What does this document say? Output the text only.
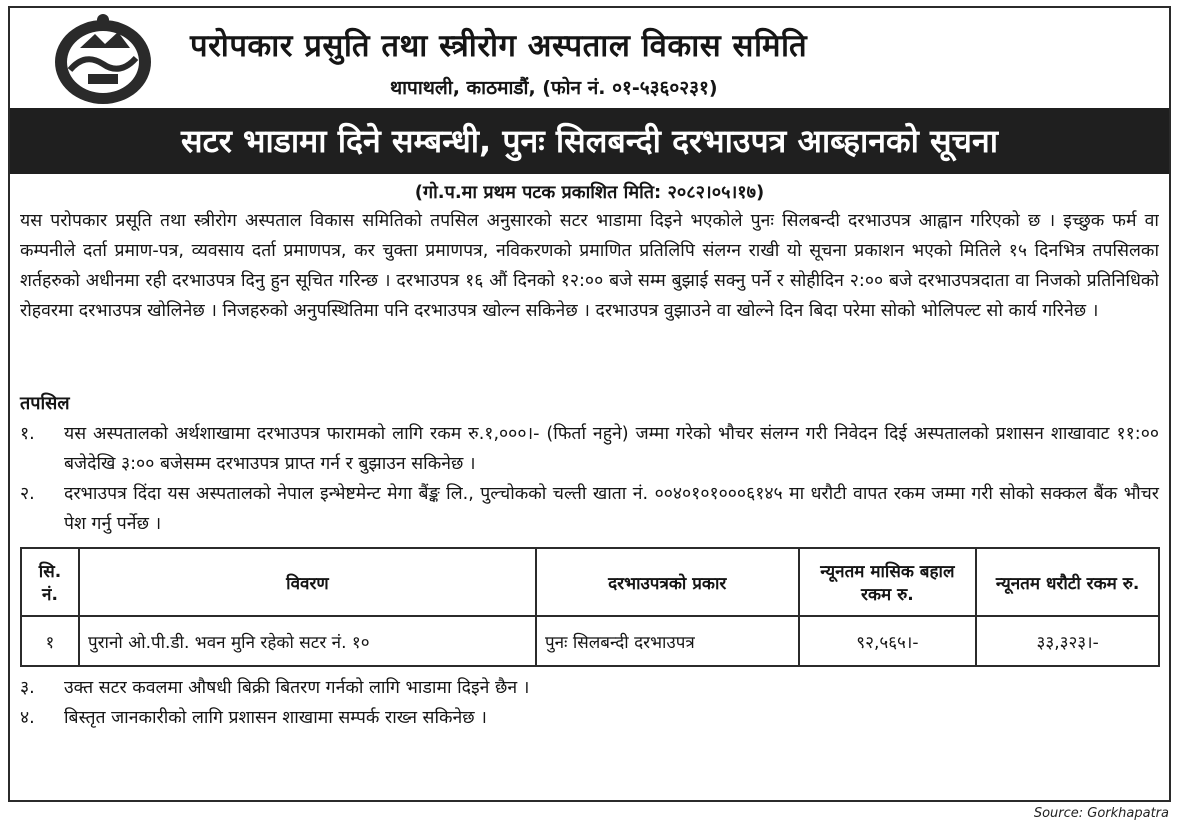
परोपकार प्रसुति तथा स्त्रीरोग अस्पताल विकास समिति
थापाथली, काठमाडौं, (फोन नं. ०१-५३६०२३१)
सटर भाडामा दिने सम्बन्धी, पुनः सिलबन्दी दरभाउपत्र आब्हानको सूचना
(गो.प.मा प्रथम पटक प्रकाशित मिति: २०८२।०५।१७)

यस परोपकार प्रसूति तथा स्त्रीरोग अस्पताल विकास समितिको तपसिल अनुसारको सटर भाडामा दिइने भएकोले पुनः सिलबन्दी दरभाउपत्र आह्वान गरिएको छ । इच्छुक फर्म वा कम्पनीले दर्ता प्रमाण-पत्र, व्यवसाय दर्ता प्रमाणपत्र, कर चुक्ता प्रमाणपत्र, नविकरणको प्रमाणित प्रतिलिपि संलग्न राखी यो सूचना प्रकाशन भएको मितिले १५ दिनभित्र तपसिलका शर्तहरुको अधीनमा रही दरभाउपत्र दिनु हुन सूचित गरिन्छ । दरभाउपत्र १६ औं दिनको १२:०० बजे सम्म बुझाई सक्नु पर्ने र सोहीदिन २:०० बजे दरभाउपत्रदाता वा निजको प्रतिनिधिको रोहवरमा दरभाउपत्र खोलिनेछ । निजहरुको अनुपस्थितिमा पनि दरभाउपत्र खोल्न सकिनेछ । दरभाउपत्र वुझाउने वा खोल्ने दिन बिदा परेमा सोको भोलिपल्ट सो कार्य गरिनेछ ।

तपसिल
१. यस अस्पतालको अर्थशाखामा दरभाउपत्र फारामको लागि रकम रु.१,०००।- (फिर्ता नहुने) जम्मा गरेको भौचर संलग्न गरी निवेदन दिई अस्पतालको प्रशासन शाखावाट ११:०० बजेदेखि ३:०० बजेसम्म दरभाउपत्र प्राप्त गर्न र बुझाउन सकिनेछ ।
२. दरभाउपत्र दिंदा यस अस्पतालको नेपाल इन्भेष्टमेन्ट मेगा बैंङ्क लि., पुल्चोकको चल्ती खाता नं. ००४०१०१०००६१४५ मा धरौटी वापत रकम जम्मा गरी सोको सक्कल बैंक भौचर पेश गर्नु पर्नेछ ।
सि. नं.	विवरण	दरभाउपत्रको प्रकार	न्यूनतम मासिक बहाल रकम रु.	न्यूनतम धरौटी रकम रु.
१	पुरानो ओ.पी.डी. भवन मुनि रहेको सटर नं. १०	पुनः सिलबन्दी दरभाउपत्र	९२,५६५।-	३३,३२३।-
३. उक्त सटर कवलमा औषधी बिक्री बितरण गर्नको लागि भाडामा दिइने छैन ।
४. बिस्तृत जानकारीको लागि प्रशासन शाखामा सम्पर्क राख्न सकिनेछ ।
Source: Gorkhapatra
